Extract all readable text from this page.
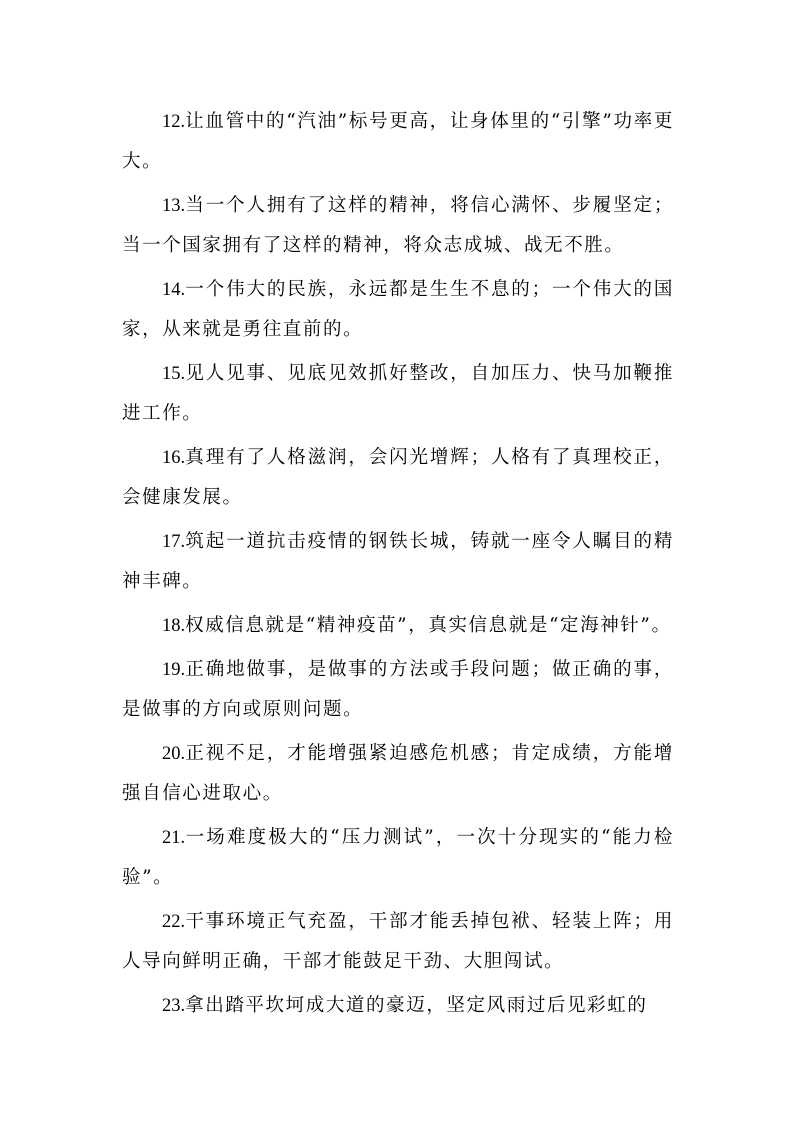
12.让血管中的“汽油”标号更高，让身体里的“引擎”功率更大。

13.当一个人拥有了这样的精神，将信心满怀、步履坚定；当一个国家拥有了这样的精神，将众志成城、战无不胜。

14.一个伟大的民族，永远都是生生不息的；一个伟大的国家，从来就是勇往直前的。

15.见人见事、见底见效抓好整改，自加压力、快马加鞭推进工作。

16.真理有了人格滋润，会闪光增辉；人格有了真理校正，会健康发展。

17.筑起一道抗击疫情的钢铁长城，铸就一座令人瞩目的精神丰碑。

18.权威信息就是“精神疫苗”，真实信息就是“定海神针”。

19.正确地做事，是做事的方法或手段问题；做正确的事，是做事的方向或原则问题。

20.正视不足，才能增强紧迫感危机感；肯定成绩，方能增强自信心进取心。

21.一场难度极大的“压力测试”，一次十分现实的“能力检验”。

22.干事环境正气充盈，干部才能丢掉包袱、轻装上阵；用人导向鲜明正确，干部才能鼓足干劲、大胆闯试。

23.拿出踏平坎坷成大道的豪迈，坚定风雨过后见彩虹的
